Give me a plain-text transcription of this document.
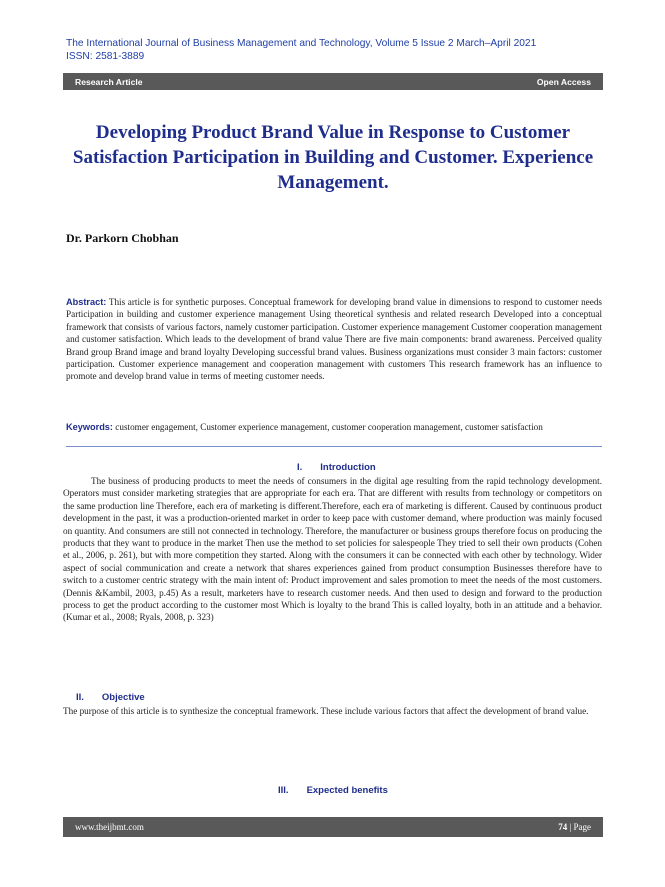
The International Journal of Business Management and Technology, Volume 5 Issue 2 March–April 2021
ISSN: 2581-3889
Research Article	Open Access
Developing Product Brand Value in Response to Customer Satisfaction Participation in Building and Customer. Experience Management.
Dr. Parkorn Chobhan

Abstract: This article is for synthetic purposes. Conceptual framework for developing brand value in dimensions to respond to customer needs Participation in building and customer experience management Using theoretical synthesis and related research Developed into a conceptual framework that consists of various factors, namely customer participation. Customer experience management Customer cooperation management and customer satisfaction. Which leads to the development of brand value There are five main components: brand awareness. Perceived quality Brand group Brand image and brand loyalty Developing successful brand values. Business organizations must consider 3 main factors: customer participation. Customer experience management and cooperation management with customers This research framework has an influence to promote and develop brand value in terms of meeting customer needs.

Keywords: customer engagement, Customer experience management, customer cooperation management, customer satisfaction

I. Introduction

The business of producing products to meet the needs of consumers in the digital age resulting from the rapid technology development. Operators must consider marketing strategies that are appropriate for each era. That are different with results from technology or competitors on the same production line Therefore, each era of marketing is different.Therefore, each era of marketing is different. Caused by continuous product development in the past, it was a production-oriented market in order to keep pace with customer demand, where production was mainly focused on quantity. And consumers are still not connected in technology. Therefore, the manufacturer or business groups therefore focus on producing the products that they want to produce in the market Then use the method to set policies for salespeople They tried to sell their own products (Cohen et al., 2006, p. 261), but with more competition they started. Along with the consumers it can be connected with each other by technology. Wider aspect of social communication and create a network that shares experiences gained from product consumption Businesses therefore have to switch to a customer centric strategy with the main intent of: Product improvement and sales promotion to meet the needs of the most customers.(Dennis &Kambil, 2003, p.45) As a result, marketers have to research customer needs. And then used to design and forward to the production process to get the product according to the customer most Which is loyalty to the brand This is called loyalty, both in an attitude and a behavior.(Kumar et al., 2008; Ryals, 2008, p. 323)

II. Objective

The purpose of this article is to synthesize the conceptual framework. These include various factors that affect the development of brand value.

III. Expected benefits
www.theijbmt.com	74 | Page
